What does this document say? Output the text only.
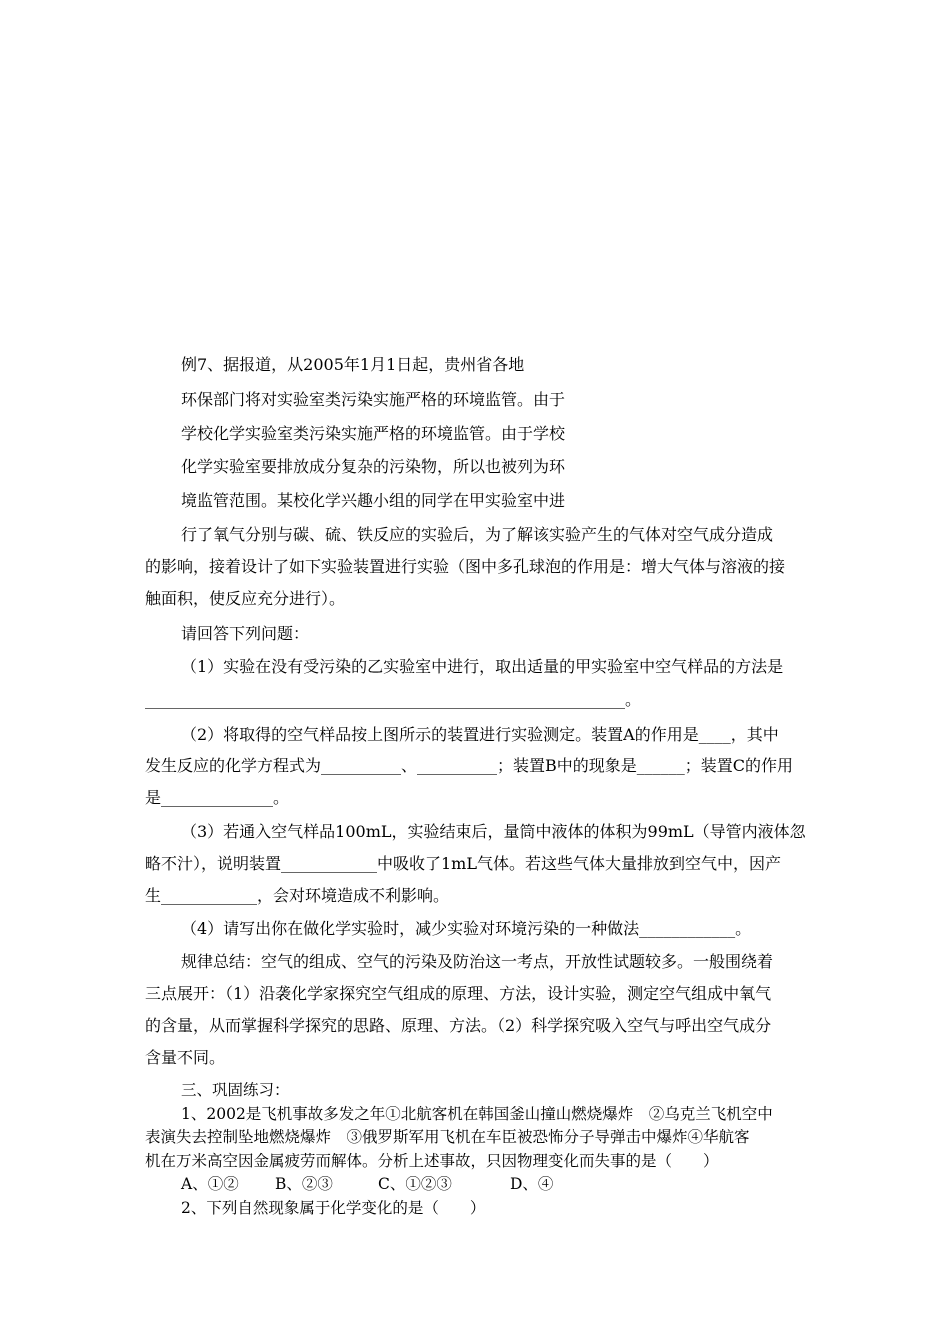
例7、据报道，从2005年1月1日起，贵州省各地
环保部门将对实验室类污染实施严格的环境监管。由于
学校化学实验室类污染实施严格的环境监管。由于学校
化学实验室要排放成分复杂的污染物，所以也被列为环
境监管范围。某校化学兴趣小组的同学在甲实验室中进
行了氧气分别与碳、硫、铁反应的实验后，为了解该实验产生的气体对空气成分造成
的影响，接着设计了如下实验装置进行实验（图中多孔球泡的作用是：增大气体与溶液的接
触面积，使反应充分进行）。
请回答下列问题：
（1）实验在没有受污染的乙实验室中进行，取出适量的甲实验室中空气样品的方法是
____________________________________________________________。
（2）将取得的空气样品按上图所示的装置进行实验测定。装置A的作用是____，其中
发生反应的化学方程式为__________、__________；装置B中的现象是______；装置C的作用
是______________。
（3）若通入空气样品100mL，实验结束后，量筒中液体的体积为99mL（导管内液体忽
略不汁），说明装置____________中吸收了1mL气体。若这些气体大量排放到空气中，因产
生____________，会对环境造成不利影响。
（4）请写出你在做化学实验时，减少实验对环境污染的一种做法____________。
规律总结：空气的组成、空气的污染及防治这一考点，开放性试题较多。一般围绕着
三点展开：（1）沿袭化学家探究空气组成的原理、方法，设计实验，测定空气组成中氧气
的含量，从而掌握科学探究的思路、原理、方法。（2）科学探究吸入空气与呼出空气成分
含量不同。
三、巩固练习：
1、2002是飞机事故多发之年①北航客机在韩国釜山撞山燃烧爆炸　②乌克兰飞机空中
表演失去控制坠地燃烧爆炸　③俄罗斯军用飞机在车臣被恐怖分子导弹击中爆炸④华航客
机在万米高空因金属疲劳而解体。分析上述事故，只因物理变化而失事的是（　　）
A、①② B、②③	C、①②③	D、④
2、下列自然现象属于化学变化的是（　　）
